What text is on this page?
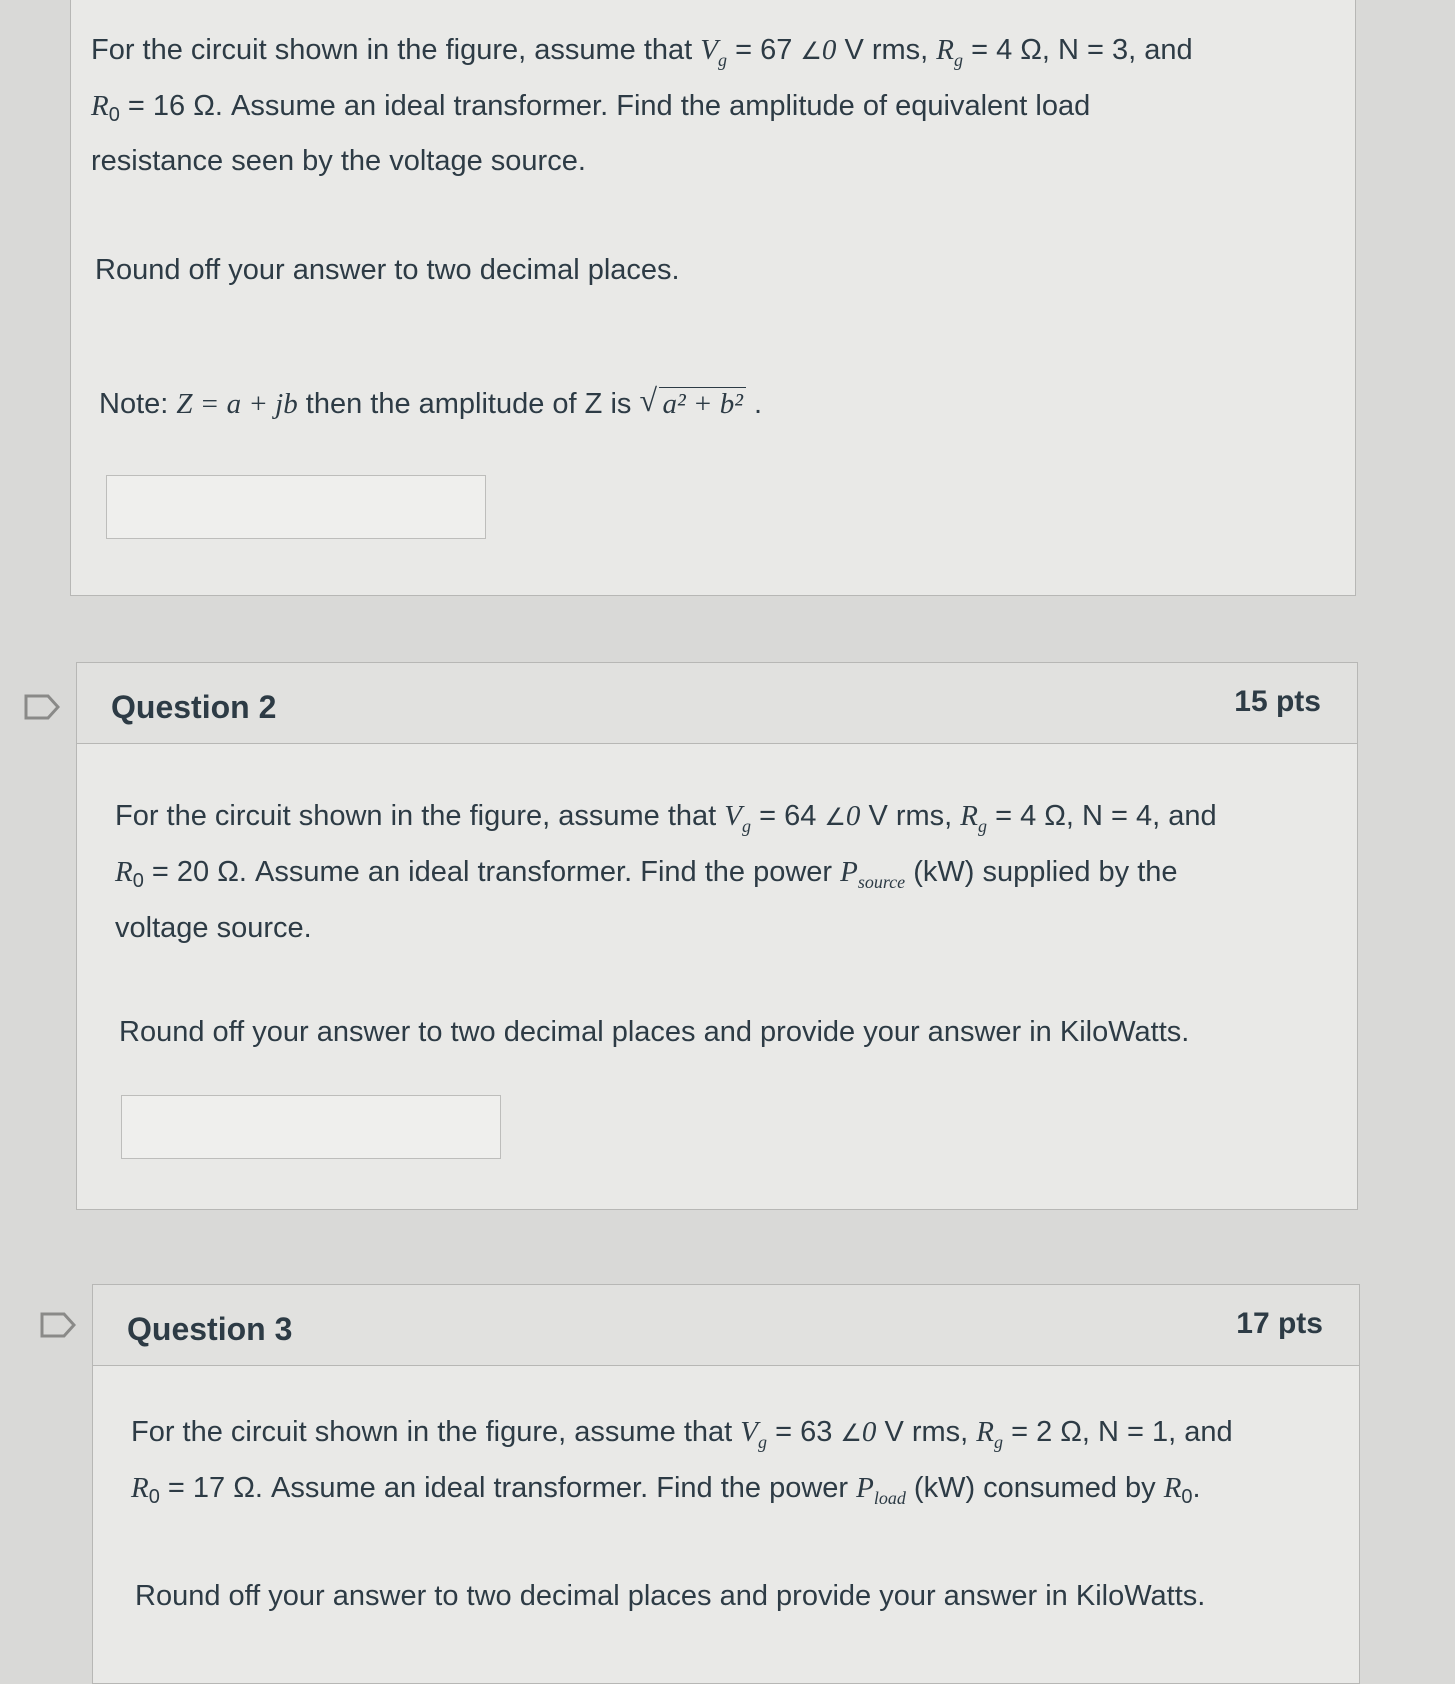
For the circuit shown in the figure, assume that $V_g = 67$ ∠0 V rms, $R_g = 4$ Ω, N = 3, and
$R_0 = 16$ Ω. Assume an ideal transformer. Find the amplitude of equivalent load
resistance seen by the voltage source.
Round off your answer to two decimal places.
Note: Z = a + jb then the amplitude of Z is √ a² + b² .
Question 2	15 pts
For the circuit shown in the figure, assume that $V_g = 64$ ∠0 V rms, $R_g = 4$ Ω, N = 4, and
$R_0 = 20$ Ω. Assume an ideal transformer. Find the power $P_{source}$ (kW) supplied by the
voltage source.
Round off your answer to two decimal places and provide your answer in KiloWatts.
Question 3	17 pts
For the circuit shown in the figure, assume that $V_g = 63$ ∠0 V rms, $R_g = 2$ Ω, N = 1, and
$R_0 = 17$ Ω. Assume an ideal transformer. Find the power $P_{load}$ (kW) consumed by $R_0$.
Round off your answer to two decimal places and provide your answer in KiloWatts.
